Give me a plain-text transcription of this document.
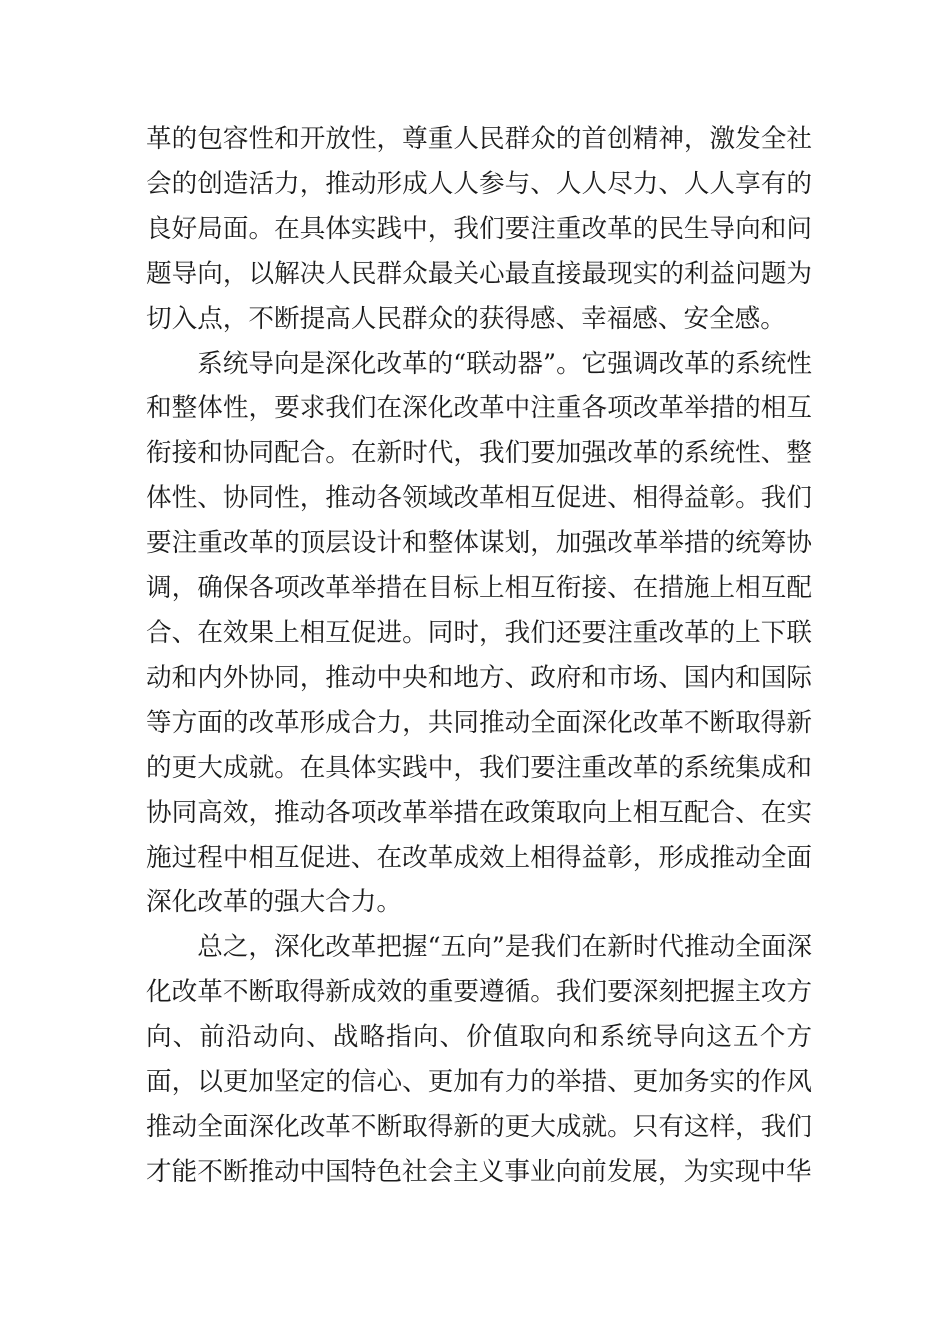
革的包容性和开放性，尊重人民群众的首创精神，激发全社会的创造活力，推动形成人人参与、人人尽力、人人享有的良好局面。在具体实践中，我们要注重改革的民生导向和问题导向，以解决人民群众最关心最直接最现实的利益问题为切入点，不断提高人民群众的获得感、幸福感、安全感。

系统导向是深化改革的“联动器”。它强调改革的系统性和整体性，要求我们在深化改革中注重各项改革举措的相互衔接和协同配合。在新时代，我们要加强改革的系统性、整体性、协同性，推动各领域改革相互促进、相得益彰。我们要注重改革的顶层设计和整体谋划，加强改革举措的统筹协调，确保各项改革举措在目标上相互衔接、在措施上相互配合、在效果上相互促进。同时，我们还要注重改革的上下联动和内外协同，推动中央和地方、政府和市场、国内和国际等方面的改革形成合力，共同推动全面深化改革不断取得新的更大成就。在具体实践中，我们要注重改革的系统集成和协同高效，推动各项改革举措在政策取向上相互配合、在实施过程中相互促进、在改革成效上相得益彰，形成推动全面深化改革的强大合力。

总之，深化改革把握“五向”是我们在新时代推动全面深化改革不断取得新成效的重要遵循。我们要深刻把握主攻方向、前沿动向、战略指向、价值取向和系统导向这五个方面，以更加坚定的信心、更加有力的举措、更加务实的作风推动全面深化改革不断取得新的更大成就。只有这样，我们才能不断推动中国特色社会主义事业向前发展，为实现中华
